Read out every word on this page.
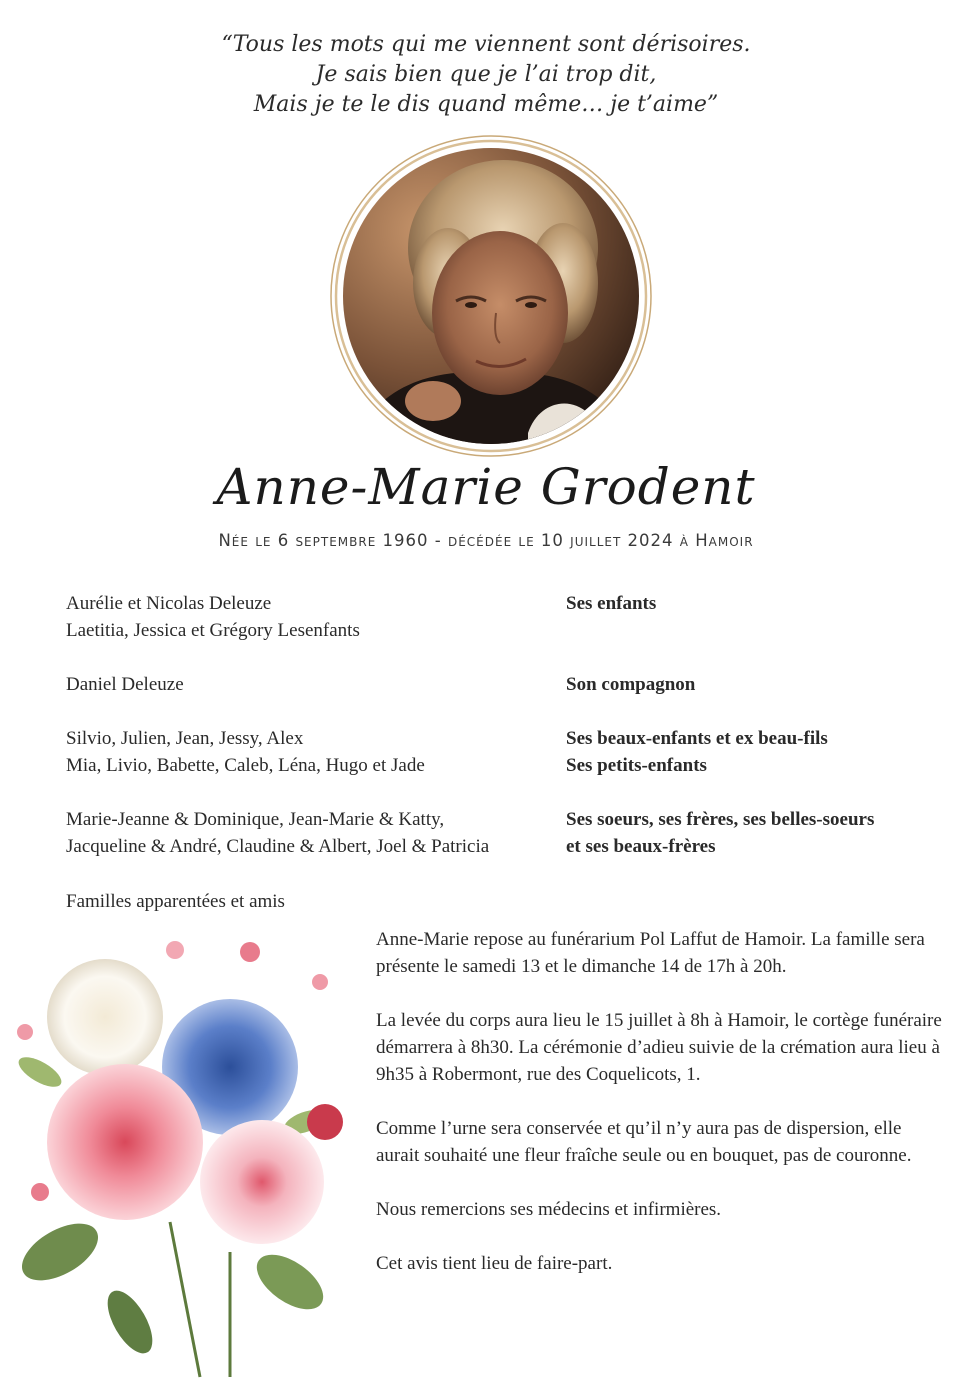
“Tous les mots qui me viennent sont dérisoires.
Je sais bien que je l’ai trop dit,
Mais je te le dis quand même… je t’aime”
Anne-Marie Grodent
Née le 6 septembre 1960 - décédée le 10 juillet 2024 à Hamoir
Aurélie et Nicolas Deleuze
Laetitia, Jessica et Grégory Lesenfants
Ses enfants
Daniel Deleuze	Son compagnon
Silvio, Julien, Jean, Jessy, Alex
Mia, Livio, Babette, Caleb, Léna, Hugo et Jade
Ses beaux-enfants et ex beau-fils
Ses petits-enfants
Marie-Jeanne & Dominique, Jean-Marie & Katty,
Jacqueline & André, Claudine & Albert, Joel & Patricia
Ses soeurs, ses frères, ses belles-soeurs
et ses beaux-frères
Familles apparentées et amis

Anne-Marie repose au funérarium Pol Laffut de Hamoir. La famille sera présente le samedi 13 et le dimanche 14 de 17h à 20h.

La levée du corps aura lieu le 15 juillet à 8h à Hamoir, le cortège funéraire démarrera à 8h30. La cérémonie d’adieu suivie de la crémation aura lieu à 9h35 à Robermont, rue des Coquelicots, 1.

Comme l’urne sera conservée et qu’il n’y aura pas de dispersion, elle aurait souhaité une fleur fraîche seule ou en bouquet, pas de couronne.

Nous remercions ses médecins et infirmières.

Cet avis tient lieu de faire-part.
